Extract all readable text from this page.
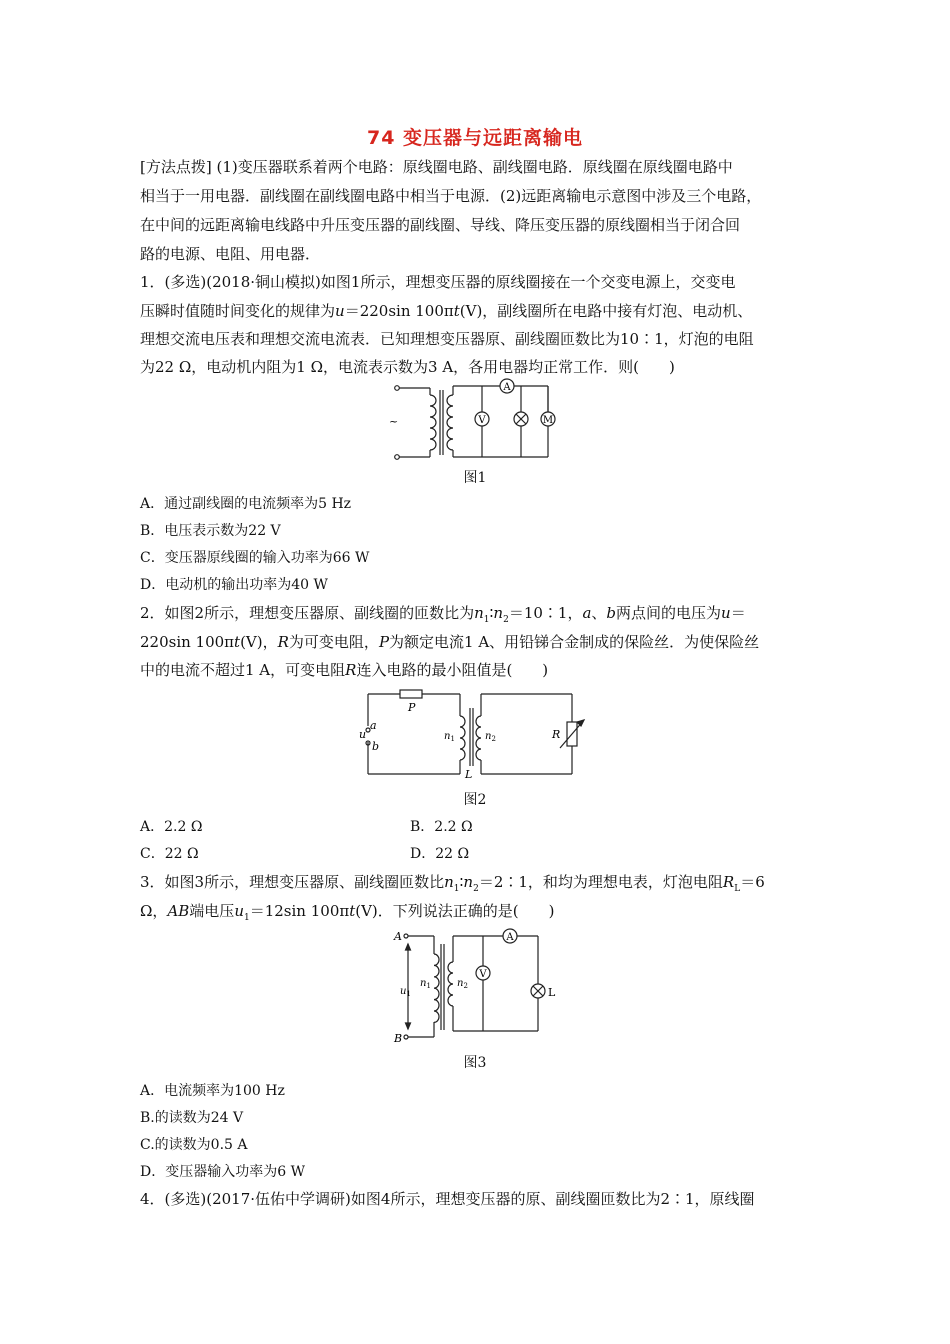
74 变压器与远距离输电
[方法点拨] (1)变压器联系着两个电路：原线圈电路、副线圈电路．原线圈在原线圈电路中
相当于一用电器．副线圈在副线圈电路中相当于电源．(2)远距离输电示意图中涉及三个电路，
在中间的远距离输电线路中升压变压器的副线圈、导线、降压变压器的原线圈相当于闭合回
路的电源、电阻、用电器．
1．(多选)(2018·铜山模拟)如图1所示，理想变压器的原线圈接在一个交变电源上，交变电
压瞬时值随时间变化的规律为u＝220sin 100πt(V)，副线圈所在电路中接有灯泡、电动机、
理想交流电压表和理想交流电流表．已知理想变压器原、副线圈匝数比为10∶1，灯泡的电阻
为22 Ω，电动机内阻为1 Ω，电流表示数为3 A，各用电器均正常工作．则(　　)
~
A
V	M
图1
A．通过副线圈的电流频率为5 Hz
B．电压表示数为22 V
C．变压器原线圈的输入功率为66 W
D．电动机的输出功率为40 W
2．如图2所示，理想变压器原、副线圈的匝数比为$n_1∶n_2=10∶1$，a、b两点间的电压为u＝
220sin 100πt(V)，R为可变电阻，P为额定电流1 A、用铅锑合金制成的保险丝．为使保险丝
中的电流不超过1 A，可变电阻R连入电路的最小阻值是(　　)
P
a
u
b
$n_1$	$n_2$
L
R
图2
A．2.2 Ω	B．2.2 Ω
C．22 Ω	D．22 Ω
3．如图3所示，理想变压器原、副线圈匝数比$n_1∶n_2=2∶1$，和均为理想电表，灯泡电阻$R_L=6$
Ω，AB端电压$u_1=12\sin$ 100πt(V)．下列说法正确的是(　　)
A
B
$u_1$
$n_1$	$n_2$
A
V
L
图3
A．电流频率为100 Hz
B.的读数为24 V
C.的读数为0.5 A
D．变压器输入功率为6 W
4．(多选)(2017·伍佑中学调研)如图4所示，理想变压器的原、副线圈匝数比为2∶1，原线圈
